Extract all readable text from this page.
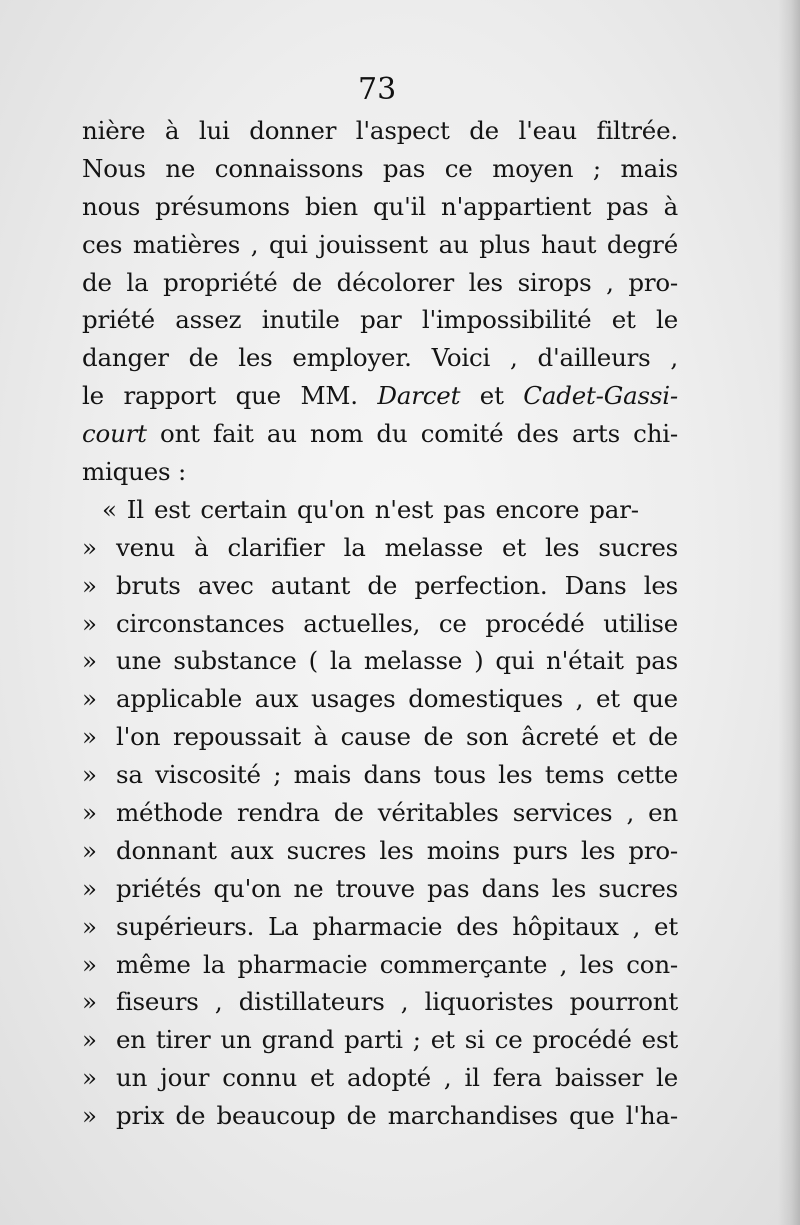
73
nière à lui donner l'aspect de l'eau filtrée.
Nous ne connaissons pas ce moyen ; mais
nous présumons bien qu'il n'appartient pas à
ces matières , qui jouissent au plus haut degré
de la propriété de décolorer les sirops , pro-
priété assez inutile par l'impossibilité et le
danger de les employer. Voici , d'ailleurs ,
le rapport que MM. Darcet et Cadet-Gassi-
court ont fait au nom du comité des arts chi-
miques :
« Il est certain qu'on n'est pas encore par-
» venu à clarifier la melasse et les sucres
» bruts avec autant de perfection. Dans les
» circonstances actuelles, ce procédé utilise
» une substance ( la melasse ) qui n'était pas
» applicable aux usages domestiques , et que
» l'on repoussait à cause de son âcreté et de
» sa viscosité ; mais dans tous les tems cette
» méthode rendra de véritables services , en
» donnant aux sucres les moins purs les pro-
» priétés qu'on ne trouve pas dans les sucres
» supérieurs. La pharmacie des hôpitaux , et
» même la pharmacie commerçante , les con-
» fiseurs , distillateurs , liquoristes pourront
» en tirer un grand parti ; et si ce procédé est
» un jour connu et adopté , il fera baisser le
» prix de beaucoup de marchandises que l'ha-
